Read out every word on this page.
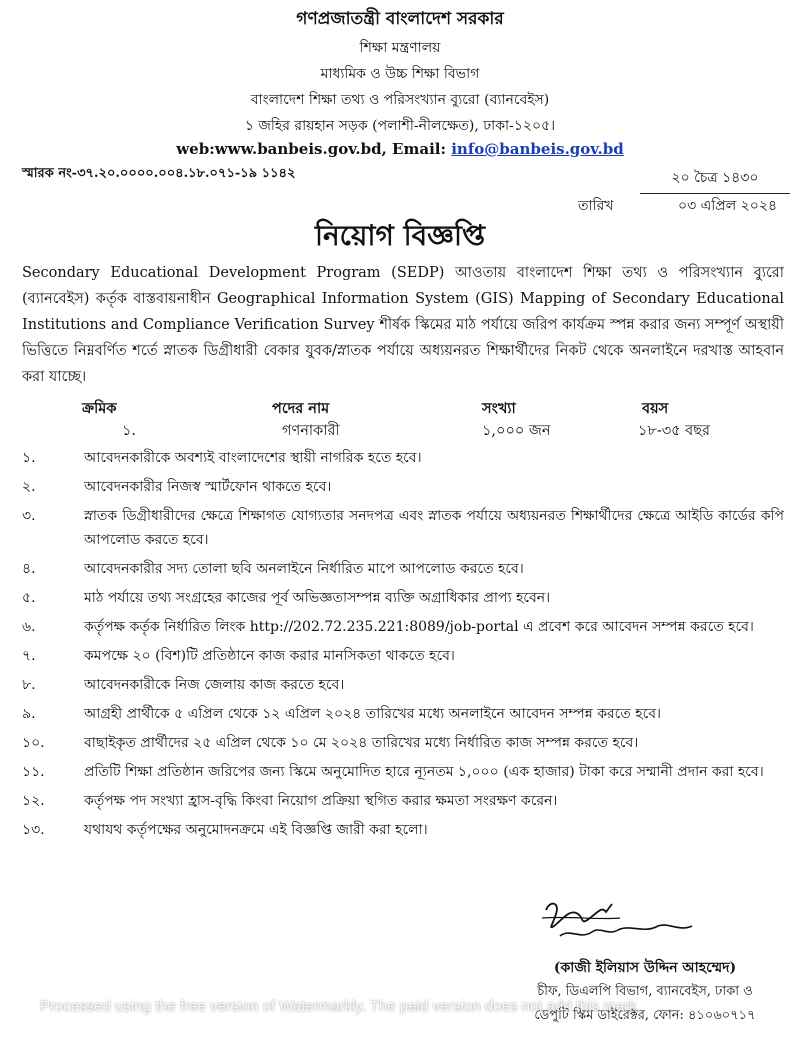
গণপ্রজাতন্ত্রী বাংলাদেশ সরকার
শিক্ষা মন্ত্রণালয়
মাধ্যমিক ও উচ্চ শিক্ষা বিভাগ
বাংলাদেশ শিক্ষা তথ্য ও পরিসংখ্যান ব্যুরো (ব্যানবেইস)
১ জহির রায়হান সড়ক (পলাশী-নীলক্ষেত), ঢাকা-১২০৫।
web:www.banbeis.gov.bd, Email: info@banbeis.gov.bd
স্মারক নং-৩৭.২০.০০০০.০০৪.১৮.০৭১-১৯ ১১৪২	২০ চৈত্র ১৪৩০
০৩ এপ্রিল ২০২৪
তারিখ
নিয়োগ বিজ্ঞপ্তি
Secondary Educational Development Program (SEDP) আওতায় বাংলাদেশ শিক্ষা তথ্য ও পরিসংখ্যান ব্যুরো (ব্যানবেইস) কর্তৃক বাস্তবায়নাধীন Geographical Information System (GIS) Mapping of Secondary Educational Institutions and Compliance Verification Survey শীর্ষক স্কিমের মাঠ পর্যায়ে জরিপ কার্যক্রম স্পন্ন করার জন্য সম্পূর্ণ অস্থায়ী ভিত্তিতে নিম্নবর্ণিত শর্তে স্নাতক ডিগ্রীধারী বেকার যুবক/স্নাতক পর্যায়ে অধ্যয়নরত শিক্ষার্থীদের নিকট থেকে অনলাইনে দরখাস্ত আহবান করা যাচ্ছে।
ক্রমিক	পদের নাম	সংখ্যা	বয়স
১.	গণনাকারী	১,০০০ জন	১৮-৩৫ বছর
১.	আবেদনকারীকে অবশ্যই বাংলাদেশের স্থায়ী নাগরিক হতে হবে।
২.	আবেদনকারীর নিজস্ব স্মার্টফোন থাকতে হবে।
৩.	স্নাতক ডিগ্রীধারীদের ক্ষেত্রে শিক্ষাগত যোগ্যতার সনদপত্র এবং স্নাতক পর্যায়ে অধ্যয়নরত শিক্ষার্থীদের ক্ষেত্রে আইডি কার্ডের কপি আপলোড করতে হবে।
৪.	আবেদনকারীর সদ্য তোলা ছবি অনলাইনে নির্ধারিত মাপে আপলোড করতে হবে।
৫.	মাঠ পর্যায়ে তথ্য সংগ্রহের কাজের পূর্ব অভিজ্ঞতাসম্পন্ন ব্যক্তি অগ্রাধিকার প্রাপ্য হবেন।
৬.	কর্তৃপক্ষ কর্তৃক নির্ধারিত লিংক http://202.72.235.221:8089/job-portal এ প্রবেশ করে আবেদন সম্পন্ন করতে হবে।
৭.	কমপক্ষে ২০ (বিশ)টি প্রতিষ্ঠানে কাজ করার মানসিকতা থাকতে হবে।
৮.	আবেদনকারীকে নিজ জেলায় কাজ করতে হবে।
৯.	আগ্রহী প্রার্থীকে ৫ এপ্রিল থেকে ১২ এপ্রিল ২০২৪ তারিখের মধ্যে অনলাইনে আবেদন সম্পন্ন করতে হবে।
১০.	বাছাইকৃত প্রার্থীদের ২৫ এপ্রিল থেকে ১০ মে ২০২৪ তারিখের মধ্যে নির্ধারিত কাজ সম্পন্ন করতে হবে।
১১.	প্রতিটি শিক্ষা প্রতিষ্ঠান জরিপের জন্য স্কিমে অনুমোদিত হারে ন্যূনতম ১,০০০ (এক হাজার) টাকা করে সম্মানী প্রদান করা হবে।
১২.	কর্তৃপক্ষ পদ সংখ্যা হ্রাস-বৃদ্ধি কিংবা নিয়োগ প্রক্রিয়া স্থগিত করার ক্ষমতা সংরক্ষণ করেন।
১৩.	যথাযথ কর্তৃপক্ষের অনুমোদনক্রমে এই বিজ্ঞপ্তি জারী করা হলো।
(কাজী ইলিয়াস উদ্দিন আহম্মেদ)
চীফ, ডিএলপি বিভাগ, ব্যানবেইস, ঢাকা ও
ডেপুটি স্কিম ডাইরেক্টর, ফোন: ৪১০৬০৭১৭
Processed using the free version of Watermarkly. The paid version does not add this mark.
